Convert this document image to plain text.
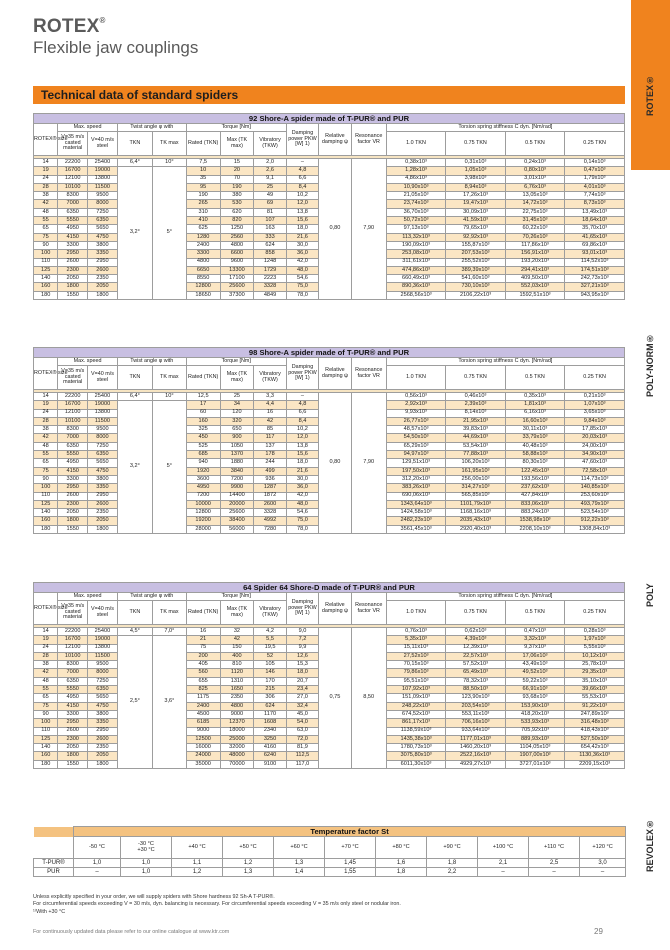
ROTEX®
Flexible jaw couplings
ROTEX®
POLY-NORM®
POLY
REVOLEX®
Technical data of standard spiders
92 Shore-A spider made of T-PUR® and PUR														
ROTEX® size	Max. speed		Twist angle φ with		Torque [Nm]			Damping power PKW [W] 1)	Relative damping ψ	Resonance factor VR	Torsion spring stiffness C dyn. [Nm/rad]			
	V=35 m/s casted material	V=40 m/s steel	TKN	TK max	Rated (TKN)	Max (TK max)	Vibratory (TKW)				1.0 TKN	0.75 TKN	0.5 TKN	0.25 TKN

14	22200	25400	6,4°	10°	7,5	15	2,0	–	0,80	7,90	0,38x10³	0,31x10³	0,24x10³	0,14x10³
19	16700	19000	3,2°	5°	10	20	2,6	4,8			1,28x10³	1,05x10³	0,80x10³	0,47x10³
24	12100	13800			35	70	9,1	6,6			4,86x10³	3,98x10³	3,01x10³	1,79x10³
28	10100	11500			95	190	25	8,4			10,90x10³	8,94x10³	6,76x10³	4,01x10³
38	8300	9500			190	380	49	10,2			21,05x10³	17,26x10³	13,05x10³	7,74x10³
42	7000	8000			265	530	69	12,0			23,74x10³	19,47x10³	14,72x10³	8,73x10³
48	6350	7250			310	620	81	13,8			36,70x10³	30,09x10³	22,75x10³	13,49x10³
55	5550	6350			410	820	107	15,6			50,72x10³	41,59x10³	31,45x10³	18,64x10³
65	4950	5650			625	1250	163	18,0			97,13x10³	79,65x10³	60,22x10³	35,70x10³
75	4150	4750			1280	2560	333	21,6			113,32x10³	92,92x10³	70,26x10³	41,65x10³
90	3300	3800			2400	4800	624	30,0			190,09x10³	155,87x10³	117,86x10³	69,86x10³
100	2950	3350			3300	6600	858	36,0			253,08x10³	207,53x10³	156,91x10³	93,01x10³
110	2600	2950			4800	9600	1248	42,0			311,61x10³	255,52x10³	193,20x10³	114,52x10³
125	2300	2600			6650	13300	1729	48,0			474,86x10³	389,39x10³	294,41x10³	174,51x10³
140	2050	2350			8550	17100	2223	54,6			660,49x10³	541,60x10³	409,50x10³	242,73x10³
160	1800	2050			12800	25600	3328	75,0			890,36x10³	730,10x10³	552,03x10³	327,21x10³
180	1550	1800			18650	37300	4849	78,0			2568,56x10³	2106,22x10³	1592,51x10³	943,95x10³
98 Shore-A spider made of T-PUR® and PUR														
ROTEX® size	Max. speed		Twist angle φ with		Torque [Nm]			Damping power PKW [W] 1)	Relative damping ψ	Resonance factor VR	Torsion spring stiffness C dyn. [Nm/rad]			
	V=35 m/s casted material	V=40 m/s steel	TKN	TK max	Rated (TKN)	Max (TK max)	Vibratory (TKW)				1.0 TKN	0.75 TKN	0.5 TKN	0.25 TKN

14	22200	25400	6,4°	10°	12,5	25	3,3	–	0,80	7,90	0,56x10³	0,46x10³	0,35x10³	0,21x10³
19	16700	19000	3,2°	5°	17	34	4,4	4,8			2,92x10³	2,39x10³	1,81x10³	1,07x10³
24	12100	13800			60	120	16	6,6			9,93x10³	8,14x10³	6,16x10³	3,65x10³
28	10100	11500			160	320	42	8,4			26,77x10³	21,95x10³	16,60x10³	9,84x10³
38	8300	9500			325	650	85	10,2			48,57x10³	39,83x10³	30,11x10³	17,85x10³
42	7000	8000			450	900	117	12,0			54,50x10³	44,69x10³	33,79x10³	20,03x10³
48	6350	7250			525	1050	137	13,8			65,29x10³	53,54x10³	40,48x10³	24,00x10³
55	5550	6350			685	1370	178	15,6			94,97x10³	77,88x10³	58,88x10³	34,90x10³
65	4950	5650			940	1880	244	18,0			129,51x10³	106,20x10³	80,30x10³	47,60x10³
75	4150	4750			1920	3840	499	21,6			197,50x10³	161,95x10³	122,45x10³	72,58x10³
90	3300	3800			3600	7200	936	30,0			312,20x10³	256,00x10³	193,56x10³	114,73x10³
100	2950	3350			4950	9900	1287	36,0			383,26x10³	314,27x10³	237,62x10³	140,85x10³
110	2600	2950			7200	14400	1872	42,0			690,06x10³	565,85x10³	427,84x10³	253,60x10³
125	2300	2600			10000	20000	2600	48,0			1343,64x10³	1101,79x10³	833,06x10³	493,79x10³
140	2050	2350			12800	25600	3328	54,6			1424,58x10³	1168,16x10³	883,24x10³	523,54x10³
160	1800	2050			19200	38400	4992	75,0			2482,23x10³	2035,43x10³	1538,98x10³	912,22x10³
180	1550	1800			28000	56000	7280	78,0			3561,45x10³	2920,40x10³	2208,10x10³	1308,84x10³
64 Spider 64 Shore-D made of T-PUR® and PUR														
ROTEX® size	Max. speed		Twist angle φ with		Torque [Nm]			Damping power PKW [W] 1)	Relative damping ψ	Resonance factor VR	Torsion spring stiffness C dyn. [Nm/rad]			
	V=35 m/s casted material	V=40 m/s steel	TKN	TK max	Rated (TKN)	Max (TK max)	Vibratory (TKW)				1.0 TKN	0.75 TKN	0.5 TKN	0.25 TKN

14	22200	25400	4,5°	7,0°	16	32	4,2	9,0	0,75	8,50	0,76x10³	0,62x10³	0,47x10³	0,28x10³
19	16700	19000	2,5°	3,6°	21	42	5,5	7,2			5,35x10³	4,39x10³	3,32x10³	1,97x10³
24	12100	13800			75	150	19,5	9,9			15,11x10³	12,39x10³	9,37x10³	5,55x10³
28	10100	11500			200	400	52	12,6			27,52x10³	22,57x10³	17,06x10³	10,12x10³
38	8300	9500			405	810	105	15,3			70,15x10³	57,52x10³	43,49x10³	25,78x10³
42	7000	8000			560	1120	146	18,0			79,86x10³	65,49x10³	49,52x10³	29,35x10³
48	6350	7250			655	1310	170	20,7			95,51x10³	78,32x10³	59,22x10³	35,10x10³
55	5550	6350			825	1650	215	23,4			107,92x10³	88,50x10³	66,91x10³	39,66x10³
65	4950	5650			1175	2350	306	27,0			151,09x10³	123,90x10³	93,68x10³	55,53x10³
75	4150	4750			2400	4800	624	32,4			248,22x10³	203,54x10³	153,90x10³	91,22x10³
90	3300	3800			4500	9000	1170	45,0			674,52x10³	553,11x10³	418,20x10³	247,89x10³
100	2950	3350			6185	12370	1608	54,0			861,17x10³	706,16x10³	533,93x10³	316,48x10³
110	2600	2950			9000	18000	2340	63,0			1138,59x10³	933,64x10³	705,92x10³	418,43x10³
125	2300	2600			12500	25000	3250	72,0			1435,38x10³	1177,01x10³	889,93x10³	527,50x10³
140	2050	2350			16000	32000	4160	81,9			1780,73x10³	1460,20x10³	1104,05x10³	654,42x10³
160	1800	2050			24000	48000	6240	112,5			3075,80x10³	2522,16x10³	1907,00x10³	1130,36x10³
180	1550	1800			35000	70000	9100	117,0			6011,30x10³	4929,27x10³	3727,01x10³	2209,15x10³
	Temperature factor St										
	-50 °C	-30 °C
+30 °C	+40 °C	+50 °C	+60 °C	+70 °C	+80 °C	+90 °C	+100 °C	+110 °C	+120 °C
T-PUR®	1,0	1,0	1,1	1,2	1,3	1,45	1,6	1,8	2,1	2,5	3,0
PUR	–	1,0	1,2	1,3	1,4	1,55	1,8	2,2	–	–	–
Unless explicitly specified in your order, we will supply spiders with Shore hardness 92 Sh-A T-PUR®.
For circumferential speeds exceeding V = 30 m/s, dyn. balancing is necessary. For circumferential speeds exceeding V = 35 m/s only steel or nodular iron.
¹⁾With +30 °C
For continuously updated data please refer to our online catalogue at www.ktr.com	29
